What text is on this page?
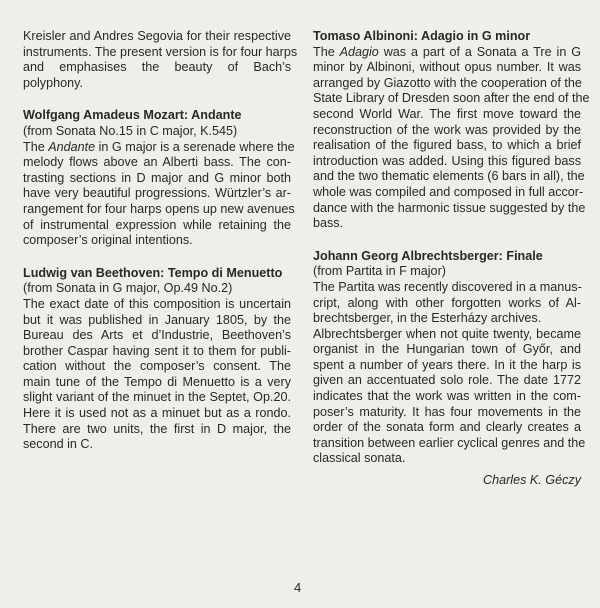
Kreisler and Andres Segovia for their respective
instruments. The present version is for four harps
and emphasises the beauty of Bach’s
polyphony.
Wolfgang Amadeus Mozart: Andante
(from Sonata No.15 in C major, K.545)
The Andante in G major is a serenade where the
melody flows above an Alberti bass. The con-
trasting sections in D major and G minor both
have very beautiful progressions. Würtzler’s ar-
rangement for four harps opens up new avenues
of instrumental expression while retaining the
composer’s original intentions.
Ludwig van Beethoven: Tempo di Menuetto
(from Sonata in G major, Op.49 No.2)
The exact date of this composition is uncertain
but it was published in January 1805, by the
Bureau des Arts et d’Industrie, Beethoven’s
brother Caspar having sent it to them for publi-
cation without the composer’s consent. The
main tune of the Tempo di Menuetto is a very
slight variant of the minuet in the Septet, Op.20.
Here it is used not as a minuet but as a rondo.
There are two units, the first in D major, the
second in C.
Tomaso Albinoni: Adagio in G minor
The Adagio was a part of a Sonata a Tre in G
minor by Albinoni, without opus number. It was
arranged by Giazotto with the cooperation of the
State Library of Dresden soon after the end of the
second World War. The first move toward the
reconstruction of the work was provided by the
realisation of the figured bass, to which a brief
introduction was added. Using this figured bass
and the two thematic elements (6 bars in all), the
whole was compiled and composed in full accor-
dance with the harmonic tissue suggested by the
bass.
Johann Georg Albrechtsberger: Finale
(from Partita in F major)
The Partita was recently discovered in a manus-
cript, along with other forgotten works of Al-
brechtsberger, in the Esterházy archives.
Albrechtsberger when not quite twenty, became
organist in the Hungarian town of Győr, and
spent a number of years there. In it the harp is
given an accentuated solo role. The date 1772
indicates that the work was written in the com-
poser’s maturity. It has four movements in the
order of the sonata form and clearly creates a
transition between earlier cyclical genres and the
classical sonata.
Charles K. Géczy
4
